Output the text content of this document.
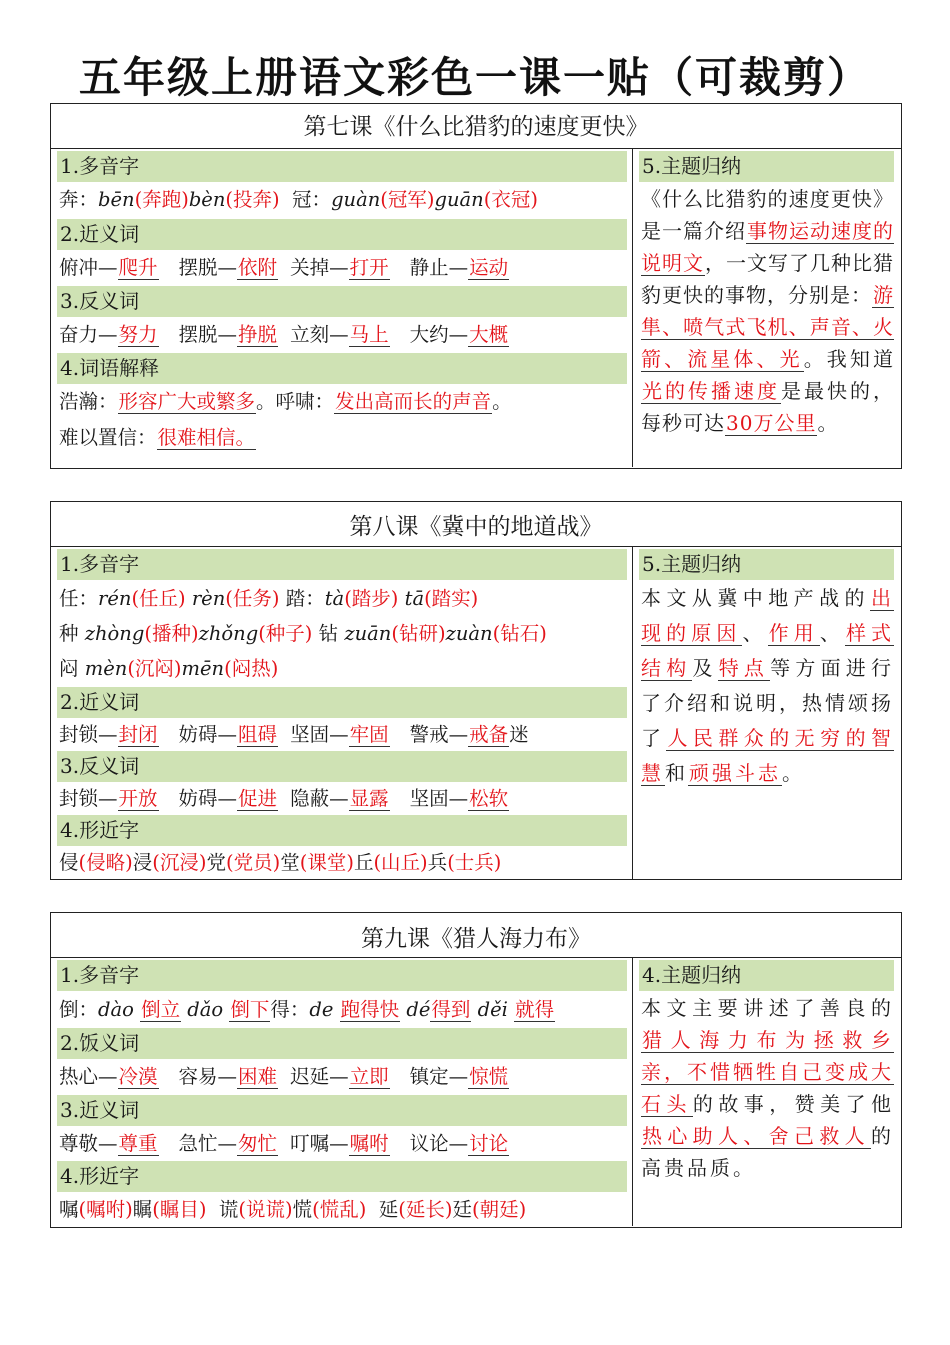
五年级上册语文彩色一课一贴（可裁剪）
第七课《什么比猎豹的速度更快》
1.多音字
奔：bēn(奔跑)bèn(投奔) 冠：guàn(冠军)guān(衣冠)
2.近义词
俯冲—爬升 摆脱—依附 关掉—打开 静止—运动
3.反义词
奋力—努力 摆脱—挣脱 立刻—马上 大约—大概
4.词语解释
浩瀚：形容广大或繁多。呼啸：发出高而长的声音。
难以置信：很难相信。
5.主题归纳
《什么比猎豹的速度更快》是一篇介绍事物运动速度的说明文，一文写了几种比猎豹更快的事物，分别是：游隼、喷气式飞机、声音、火箭、流星体、光。我知道光的传播速度是最快的，每秒可达30万公里。
第八课《冀中的地道战》
1.多音字
任：rén(任丘) rèn(任务) 踏：tà(踏步) tā(踏实)
种 zhòng(播种)zhǒng(种子) 钻 zuān(钻研)zuàn(钻石)
闷 mèn(沉闷)mēn(闷热)
2.近义词
封锁—封闭 妨碍—阻碍 坚固—牢固 警戒—戒备迷
3.反义词
封锁—开放 妨碍—促进 隐蔽—显露 坚固—松软
4.形近字
侵(侵略)浸(沉浸)党(党员)堂(课堂)丘(山丘)兵(士兵)
5.主题归纳
本文从冀中地产战的出现的原因、作用、样式结构及特点等方面进行了介绍和说明，热情颂扬了人民群众的无穷的智慧和顽强斗志。
第九课《猎人海力布》
1.多音字
倒：dào 倒立 dǎo 倒下得：de 跑得快 dé得到 děi 就得
2.饭义词
热心—冷漠 容易—困难 迟延—立即 镇定—惊慌
3.近义词
尊敬—尊重 急忙—匆忙 叮嘱—嘱咐 议论—讨论
4.形近字
嘱(嘱咐)瞩(瞩目) 谎(说谎)慌(慌乱) 延(延长)廷(朝廷)
4.主题归纳
本文主要讲述了善良的猎人海力布为拯救乡亲，不惜牺牲自己变成大石头的故事，赞美了他热心助人、舍己救人的高贵品质。
